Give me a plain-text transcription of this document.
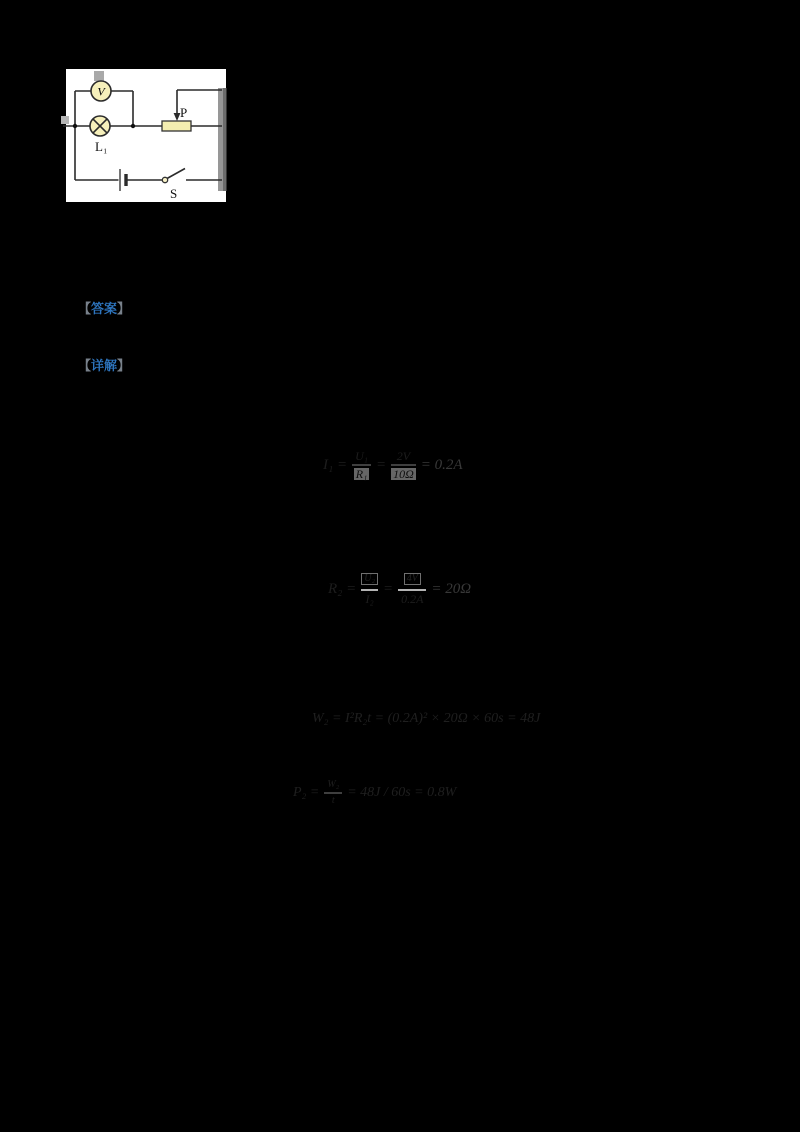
V
L₁
P
S
【答案】
【详解】
$I_1 = \frac{\text{U₁}}{\text{R₁}} = \frac{2V}{10\Omega} = 0.2A$
$R_2 = \frac{\text{U₂}}{\text{I₂}} = \frac{4V}{0.2A} = 20\Omega$
W₂ = I²R₂t = (0.2A)² × 20Ω × 60s = 48J
$P_2 = \frac{\text{W₂}}{t} = 48J / 60s = 0.8W$
